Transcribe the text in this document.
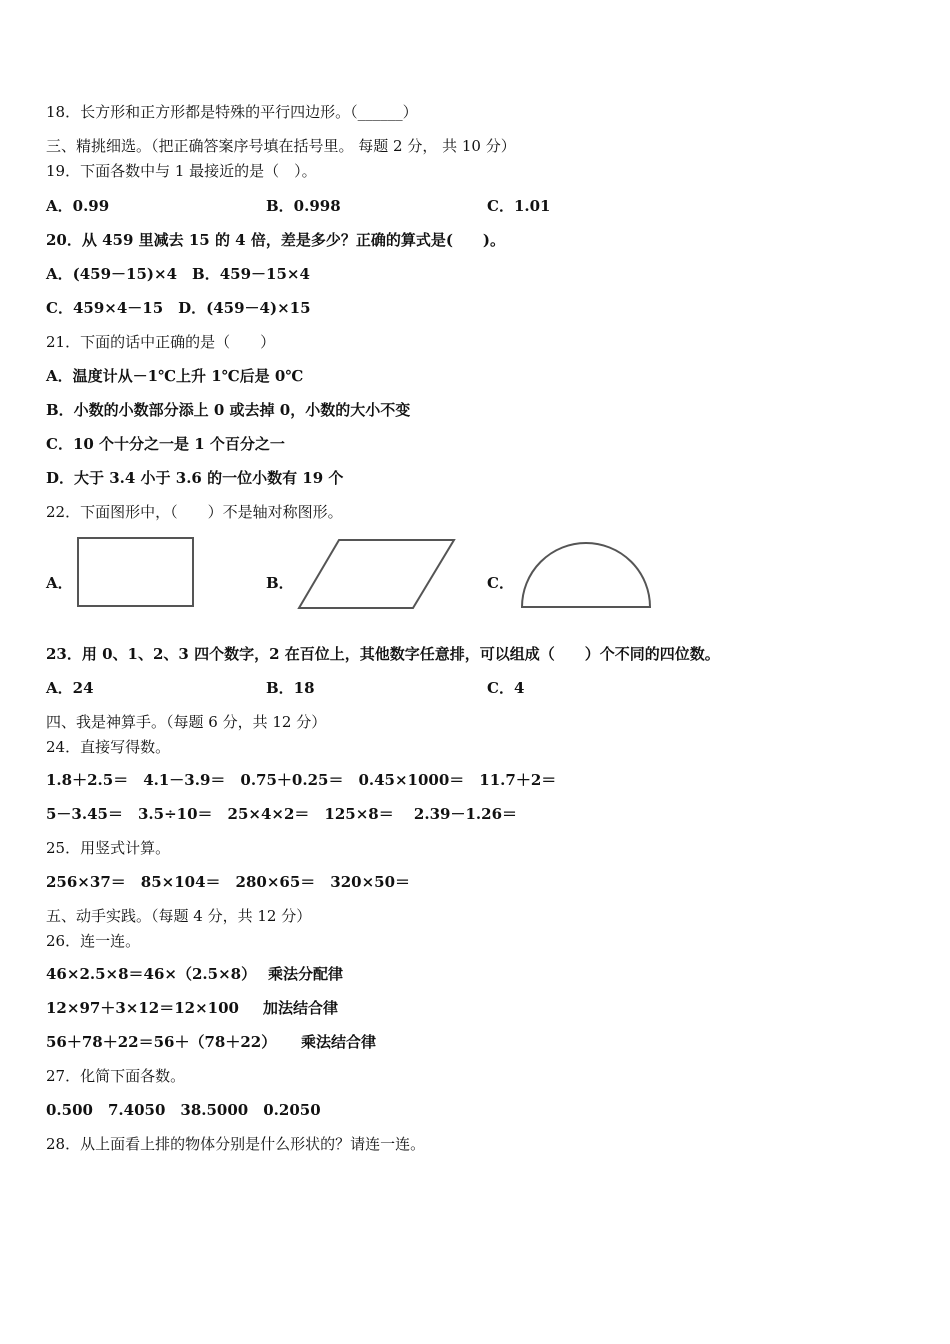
18．长方形和正方形都是特殊的平行四边形。（______）
三、精挑细选。（把正确答案序号填在括号里。 每题 2 分， 共 10 分）
19．下面各数中与 1 最接近的是（　）。
A．0.99	B．0.998	C．1.01
20．从 459 里减去 15 的 4 倍，差是多少？正确的算式是(　　)。
A．(459－15)×4　B．459－15×4
C．459×4－15　D．(459－4)×15
21．下面的话中正确的是（　　）
A．温度计从－1℃上升 1℃后是 0℃
B．小数的小数部分添上 0 或去掉 0，小数的大小不变
C．10 个十分之一是 1 个百分之一
D．大于 3.4 小于 3.6 的一位小数有 19 个
22．下面图形中，（　　）不是轴对称图形。
A．	B．	C．
23．用 0、1、2、3 四个数字，2 在百位上，其他数字任意排，可以组成（　　）个不同的四位数。
A．24	B．18	C．4
四、我是神算手。（每题 6 分，共 12 分）
24．直接写得数。
1.8＋2.5＝　4.1－3.9＝　0.75＋0.25＝　0.45×1000＝　11.7＋2＝
5－3.45＝　3.5÷10＝　25×4×2＝　125×8＝　 2.39－1.26＝
25．用竖式计算。
256×37＝　85×104＝　280×65＝　320×50＝
五、动手实践。（每题 4 分，共 12 分）
26．连一连。
46×2.5×8＝46×（2.5×8） 乘法分配律
12×97＋3×12＝12×100 加法结合律
56＋78＋22＝56＋（78＋22） 乘法结合律
27．化简下面各数。
0.500　7.4050　38.5000　0.2050
28．从上面看上排的物体分别是什么形状的？请连一连。
